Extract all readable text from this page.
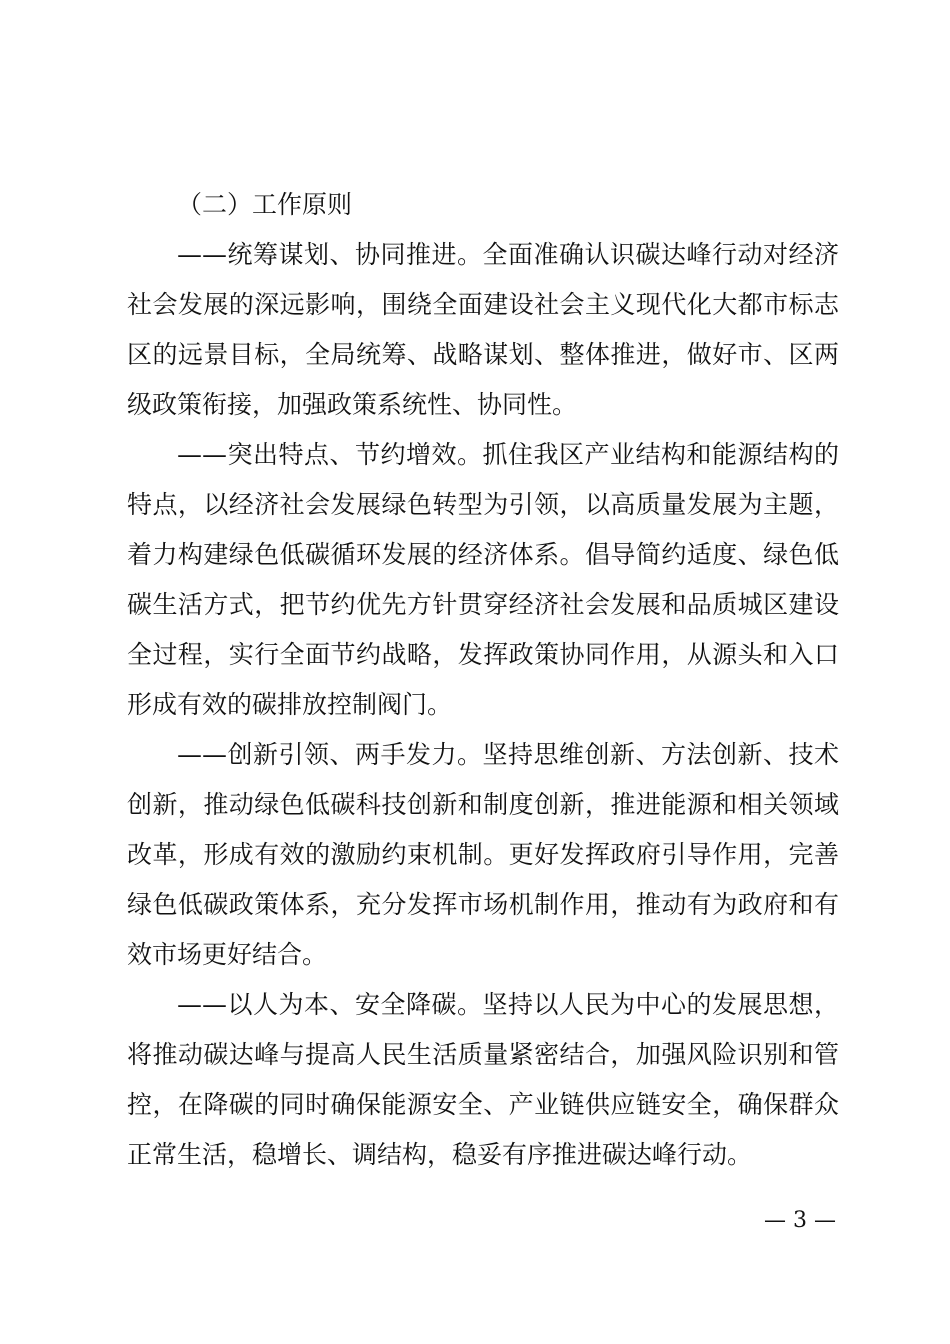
（二）工作原则

——统筹谋划、协同推进。全面准确认识碳达峰行动对经济社会发展的深远影响，围绕全面建设社会主义现代化大都市标志区的远景目标，全局统筹、战略谋划、整体推进，做好市、区两级政策衔接，加强政策系统性、协同性。

——突出特点、节约增效。抓住我区产业结构和能源结构的特点，以经济社会发展绿色转型为引领，以高质量发展为主题，着力构建绿色低碳循环发展的经济体系。倡导简约适度、绿色低碳生活方式，把节约优先方针贯穿经济社会发展和品质城区建设全过程，实行全面节约战略，发挥政策协同作用，从源头和入口形成有效的碳排放控制阀门。

——创新引领、两手发力。坚持思维创新、方法创新、技术创新，推动绿色低碳科技创新和制度创新，推进能源和相关领域改革，形成有效的激励约束机制。更好发挥政府引导作用，完善绿色低碳政策体系，充分发挥市场机制作用，推动有为政府和有效市场更好结合。

——以人为本、安全降碳。坚持以人民为中心的发展思想，将推动碳达峰与提高人民生活质量紧密结合，加强风险识别和管控，在降碳的同时确保能源安全、产业链供应链安全，确保群众正常生活，稳增长、调结构，稳妥有序推进碳达峰行动。

— 3 —
